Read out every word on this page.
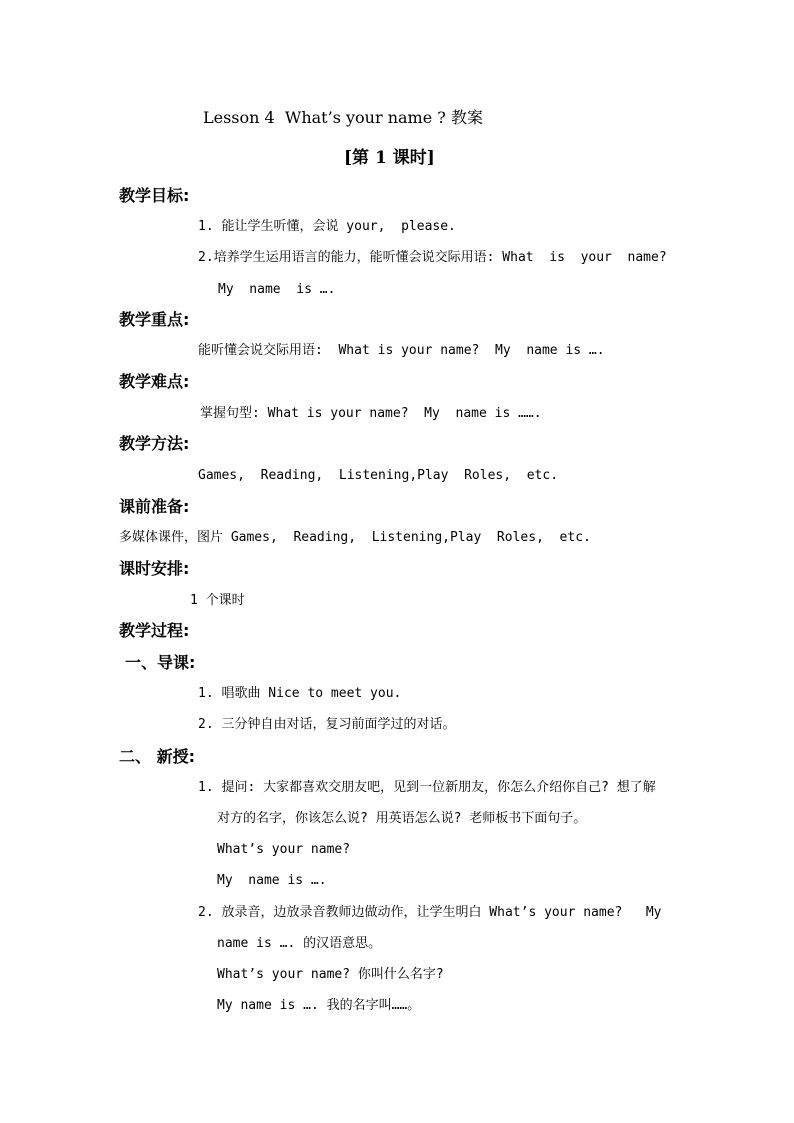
Lesson 4  What’s your name ? 教案
[第 1 课时]
教学目标:
1. 能让学生听懂，会说 your,  please.
2.培养学生运用语言的能力，能听懂会说交际用语: What  is  your  name?
My  name  is ….
教学重点:
能听懂会说交际用语:  What is your name?  My  name is ….
教学难点:
掌握句型: What is your name?  My  name is …….
教学方法:
Games,  Reading,  Listening,Play  Roles,  etc.
课前准备:
多媒体课件，图片 Games,  Reading,  Listening,Play  Roles,  etc.
课时安排:
1 个课时
教学过程:
一、导课:
1. 唱歌曲 Nice to meet you.
2. 三分钟自由对话，复习前面学过的对话。
二、 新授:
1. 提问: 大家都喜欢交朋友吧，见到一位新朋友，你怎么介绍你自己? 想了解
对方的名字，你该怎么说? 用英语怎么说? 老师板书下面句子。
What’s your name?
My  name is ….
2. 放录音，边放录音教师边做动作，让学生明白 What’s your name?   My
name is …. 的汉语意思。
What’s your name? 你叫什么名字?
My name is …. 我的名字叫……。
